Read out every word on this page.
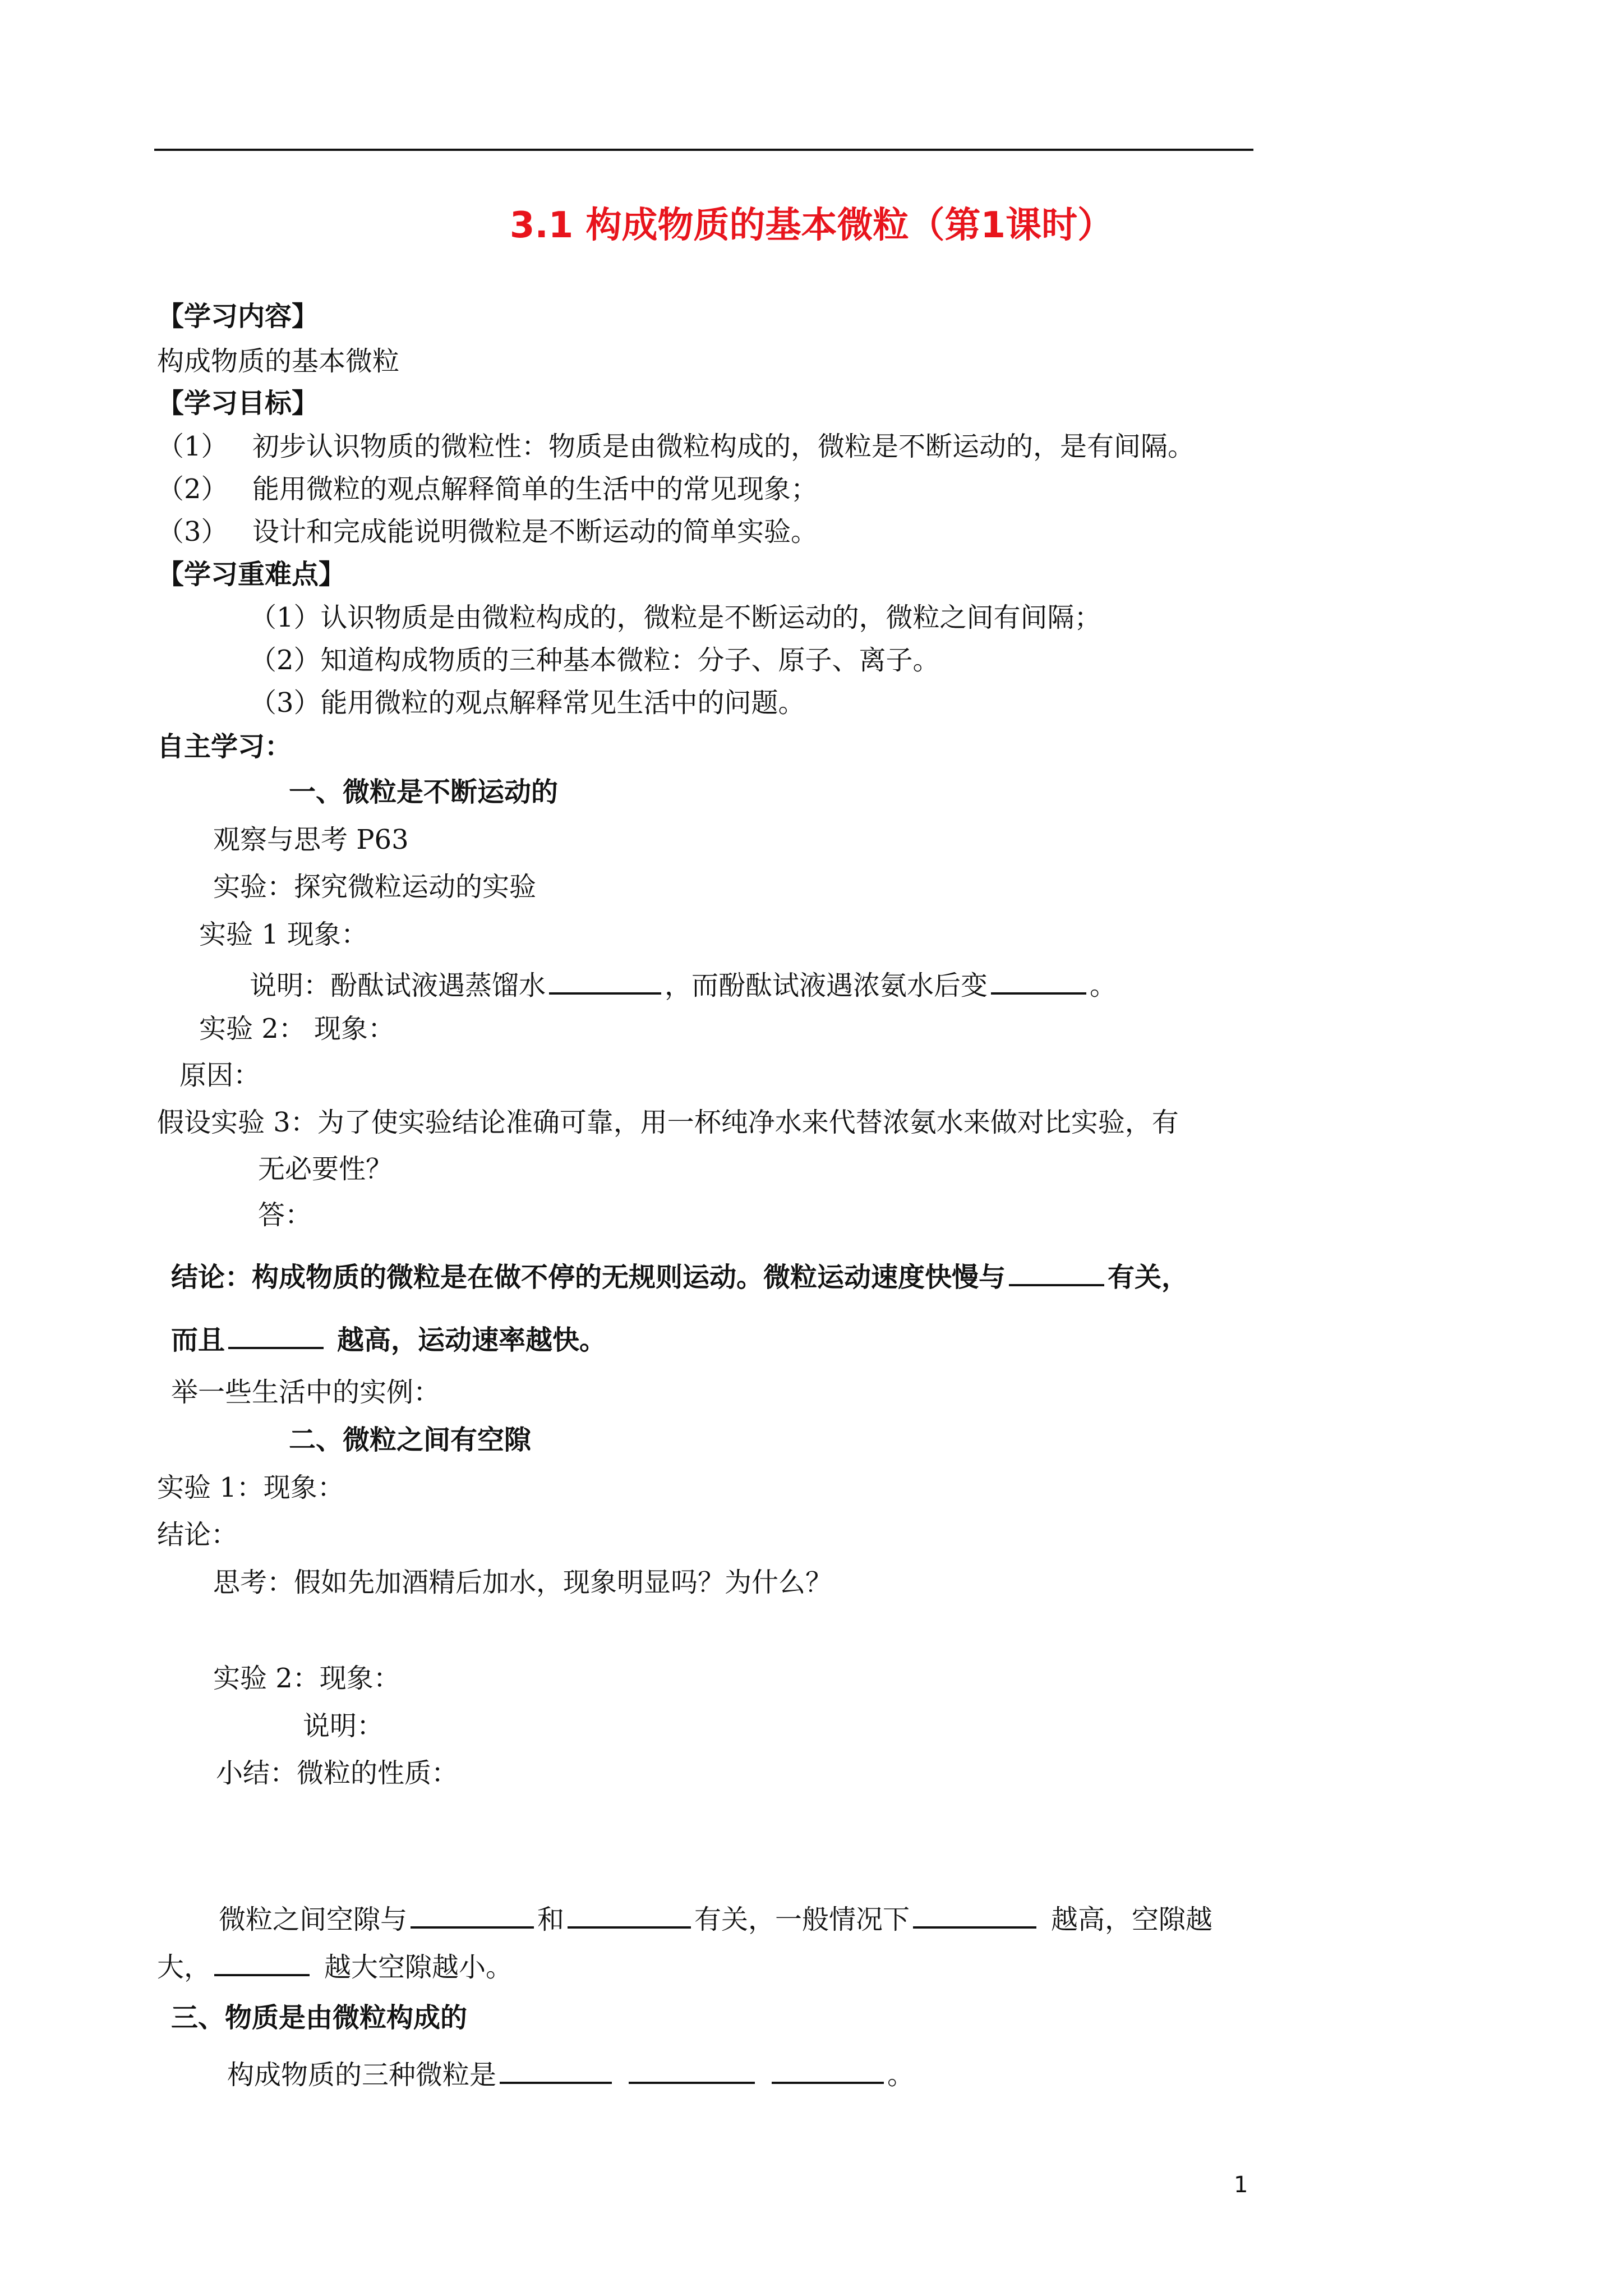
3.1 构成物质的基本微粒（第1课时）
【学习内容】
构成物质的基本微粒
【学习目标】
（1） 初步认识物质的微粒性：物质是由微粒构成的，微粒是不断运动的，是有间隔。
（2） 能用微粒的观点解释简单的生活中的常见现象；
（3） 设计和完成能说明微粒是不断运动的简单实验。
【学习重难点】
（1）认识物质是由微粒构成的，微粒是不断运动的，微粒之间有间隔；
（2）知道构成物质的三种基本微粒：分子、原子、离子。
（3）能用微粒的观点解释常见生活中的问题。
自主学习：
一、微粒是不断运动的
观察与思考 P63
实验：探究微粒运动的实验
实验 1 现象：
说明：酚酞试液遇蒸馏水	，而酚酞试液遇浓氨水后变	。
实验 2： 现象：
原因：
假设实验 3：为了使实验结论准确可靠，用一杯纯净水来代替浓氨水来做对比实验，有
无必要性？
答：
结论：构成物质的微粒是在做不停的无规则运动。微粒运动速度快慢与	有关，
而且	越高，运动速率越快。
举一些生活中的实例：
二、微粒之间有空隙
实验 1：现象：
结论：
思考：假如先加酒精后加水，现象明显吗？为什么？
实验 2：现象：
说明：
小结：微粒的性质：
微粒之间空隙与	和	有关，一般情况下	越高，空隙越
大，	越大空隙越小。
三、物质是由微粒构成的
构成物质的三种微粒是	。
1
